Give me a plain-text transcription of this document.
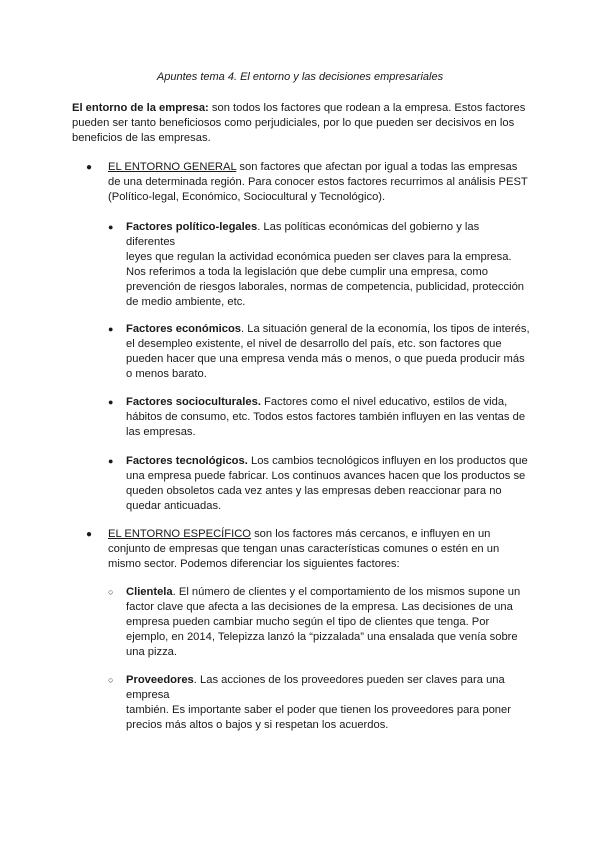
Apuntes tema 4. El entorno y las decisiones empresariales
El entorno de la empresa: son todos los factores que rodean a la empresa. Estos factores pueden ser tanto beneficiosos como perjudiciales, por lo que pueden ser decisivos en los beneficios de las empresas.
● EL ENTORNO GENERAL son factores que afectan por igual a todas las empresas de una determinada región. Para conocer estos factores recurrimos al análisis PEST (Político-legal, Económico, Sociocultural y Tecnológico).
● Factores político-legales. Las políticas económicas del gobierno y las diferentes
leyes que regulan la actividad económica pueden ser claves para la empresa. Nos referimos a toda la legislación que debe cumplir una empresa, como prevención de riesgos laborales, normas de competencia, publicidad, protección de medio ambiente, etc.
● Factores económicos. La situación general de la economía, los tipos de interés, el desempleo existente, el nivel de desarrollo del país, etc. son factores que pueden hacer que una empresa venda más o menos, o que pueda producir más o menos barato.
● Factores socioculturales. Factores como el nivel educativo, estilos de vida, hábitos de consumo, etc. Todos estos factores también influyen en las ventas de las empresas.
● Factores tecnológicos. Los cambios tecnológicos influyen en los productos que una empresa puede fabricar. Los continuos avances hacen que los productos se queden obsoletos cada vez antes y las empresas deben reaccionar para no quedar anticuadas.
● EL ENTORNO ESPECÍFICO son los factores más cercanos, e influyen en un conjunto de empresas que tengan unas características comunes o estén en un mismo sector. Podemos diferenciar los siguientes factores:
○ Clientela. El número de clientes y el comportamiento de los mismos supone un factor clave que afecta a las decisiones de la empresa. Las decisiones de una empresa pueden cambiar mucho según el tipo de clientes que tenga. Por ejemplo, en 2014, Telepizza lanzó la “pizzalada” una ensalada que venía sobre una pizza.
○ Proveedores. Las acciones de los proveedores pueden ser claves para una empresa
también. Es importante saber el poder que tienen los proveedores para poner precios más altos o bajos y si respetan los acuerdos.
